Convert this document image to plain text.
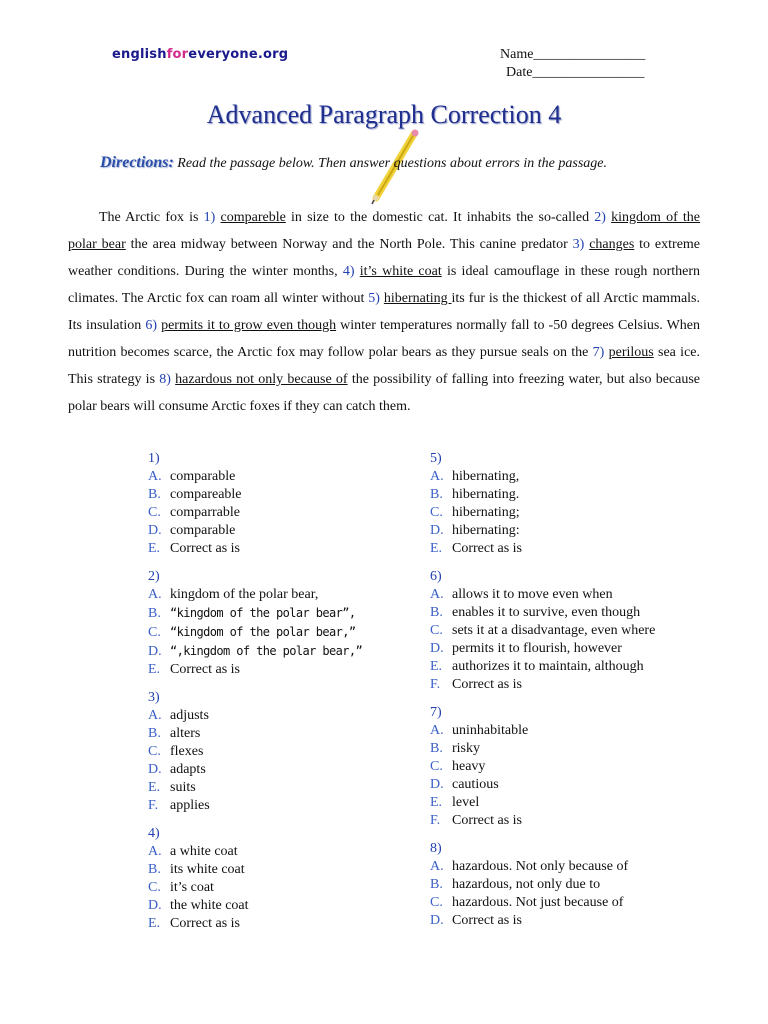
englishforeveryone.org	Name________________
Date________________
Advanced Paragraph Correction 4
Directions: Read the passage below. Then answer questions about errors in the passage.
The Arctic fox is 1) compareble in size to the domestic cat. It inhabits the so-called 2) kingdom of the polar bear the area midway between Norway and the North Pole. This canine predator 3) changes to extreme weather conditions. During the winter months, 4) it’s white coat is ideal camouflage in these rough northern climates. The Arctic fox can roam all winter without 5) hibernating its fur is the thickest of all Arctic mammals. Its insulation 6) permits it to grow even though winter temperatures normally fall to -50 degrees Celsius. When nutrition becomes scarce, the Arctic fox may follow polar bears as they pursue seals on the 7) perilous sea ice. This strategy is 8) hazardous not only because of the possibility of falling into freezing water, but also because polar bears will consume Arctic foxes if they can catch them.
1)
A. comparable
B. compareable
C. comparrable
D. comparable
E. Correct as is
2)
A. kingdom of the polar bear,
B. “kingdom of the polar bear”,
C. “kingdom of the polar bear,”
D. “,kingdom of the polar bear,”
E. Correct as is
3)
A. adjusts
B. alters
C. flexes
D. adapts
E. suits
F. applies
4)
A. a white coat
B. its white coat
C. it’s coat
D. the white coat
E. Correct as is
5)
A. hibernating,
B. hibernating.
C. hibernating;
D. hibernating:
E. Correct as is
6)
A. allows it to move even when
B. enables it to survive, even though
C. sets it at a disadvantage, even where
D. permits it to flourish, however
E. authorizes it to maintain, although
F. Correct as is
7)
A. uninhabitable
B. risky
C. heavy
D. cautious
E. level
F. Correct as is
8)
A. hazardous. Not only because of
B. hazardous, not only due to
C. hazardous. Not just because of
D. Correct as is
